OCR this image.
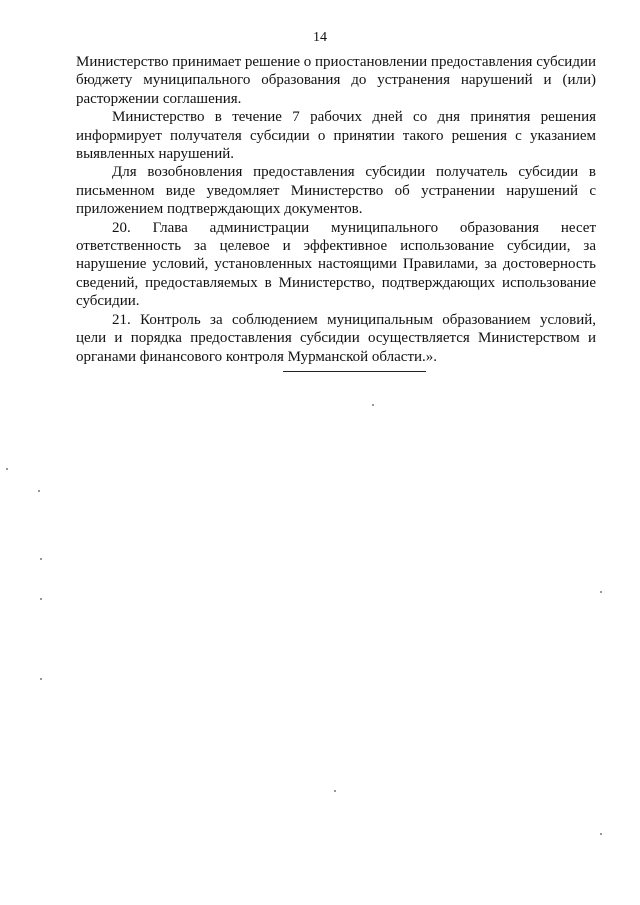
14

Министерство принимает решение о приостановлении предоставления субсидии бюджету муниципального образования до устранения нарушений и (или) расторжении соглашения.

Министерство в течение 7 рабочих дней со дня принятия решения информирует получателя субсидии о принятии такого решения с указанием выявленных нарушений.

Для возобновления предоставления субсидии получатель субсидии в письменном виде уведомляет Министерство об устранении нарушений с приложением подтверждающих документов.

20. Глава администрации муниципального образования несет ответственность за целевое и эффективное использование субсидии, за нарушение условий, установленных настоящими Правилами, за достоверность сведений, предоставляемых в Министерство, подтверждающих использование субсидии.

21. Контроль за соблюдением муниципальным образованием условий, цели и порядка предоставления субсидии осуществляется Министерством и органами финансового контроля Мурманской области.».
